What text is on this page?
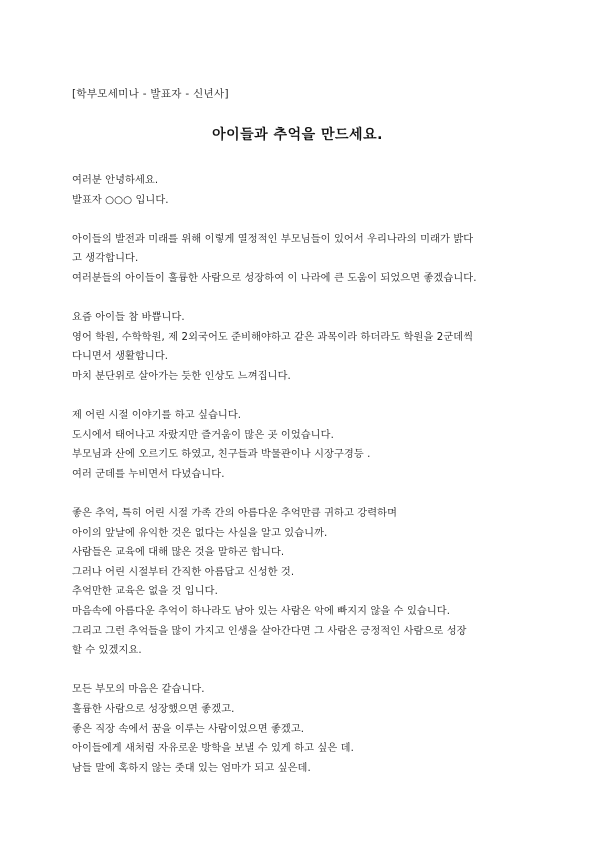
[학부모세미나 - 발표자 - 신년사]
아이들과 추억을 만드세요.
여러분 안녕하세요.
발표자 ○○○ 입니다.
아이들의 발전과 미래를 위해 이렇게 열정적인 부모님들이 있어서 우리나라의 미래가 밝다
고 생각합니다.
여러분들의 아이들이 훌륭한 사람으로 성장하여 이 나라에 큰 도움이 되었으면 좋겠습니다.
요즘 아이들 참 바쁩니다.
영어 학원, 수학학원, 제 2외국어도 준비해야하고 같은 과목이라 하더라도 학원을 2군데씩
다니면서 생활합니다.
마치 분단위로 살아가는 듯한 인상도 느껴집니다.
제 어린 시절 이야기를 하고 싶습니다.
도시에서 태어나고 자랐지만 즐거움이 많은 곳 이었습니다.
부모님과 산에 오르기도 하였고, 친구들과 박물관이나 시장구경등 .
여러 군데를 누비면서 다녔습니다.
좋은 추억, 특히 어린 시절 가족 간의 아름다운 추억만큼 귀하고 강력하며
아이의 앞날에 유익한 것은 없다는 사실을 알고 있습니까.
사람들은 교육에 대해 많은 것을 말하곤 합니다.
그러나 어린 시절부터 간직한 아름답고 신성한 것.
추억만한 교육은 없을 것 입니다.
마음속에 아름다운 추억이 하나라도 남아 있는 사람은 악에 빠지지 않을 수 있습니다.
그리고 그런 추억들을 많이 가지고 인생을 살아간다면 그 사람은 긍정적인 사람으로 성장
할 수 있겠지요.
모든 부모의 마음은 같습니다.
훌륭한 사람으로 성장했으면 좋겠고.
좋은 직장 속에서 꿈을 이루는 사람이었으면 좋겠고.
아이들에게 새처럼 자유로운 방학을 보낼 수 있게 하고 싶은 데.
남들 말에 혹하지 않는 줏대 있는 엄마가 되고 싶은데.
